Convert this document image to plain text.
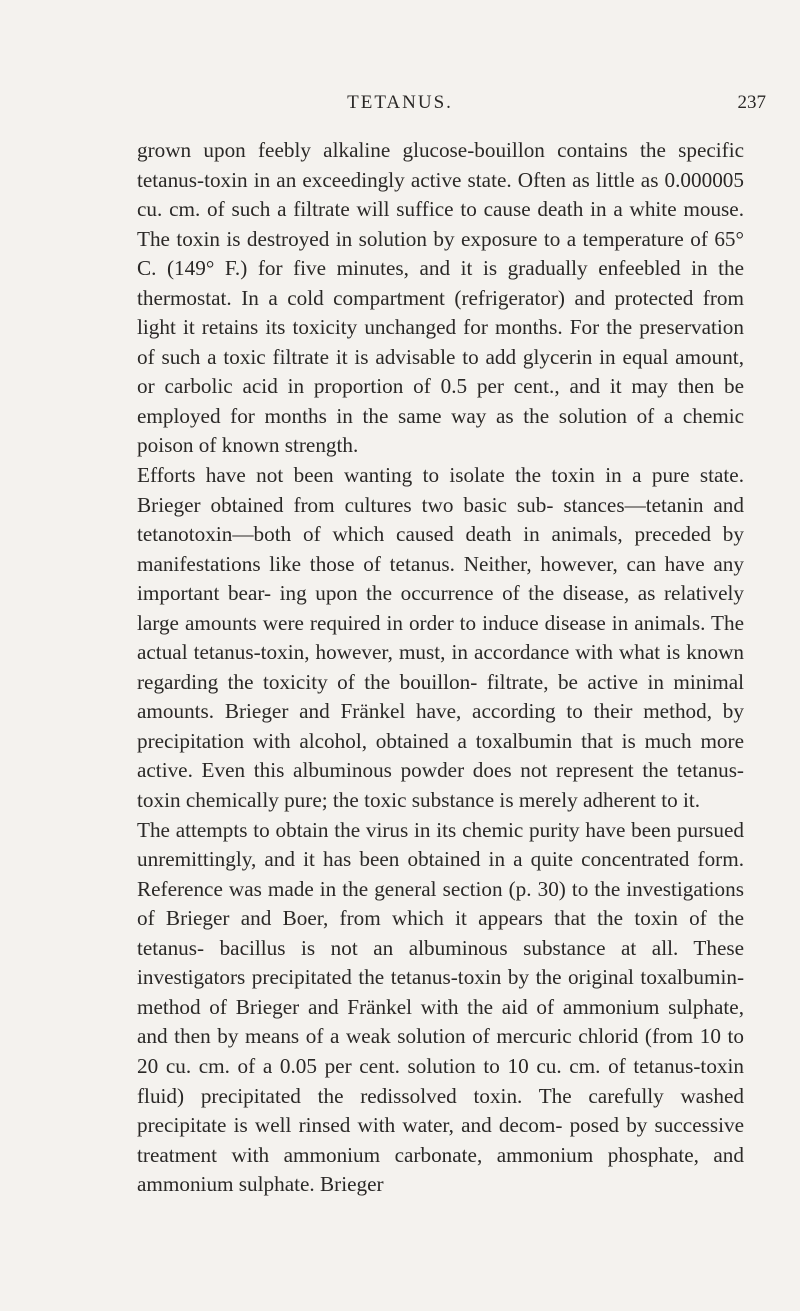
TETANUS.	237

grown upon feebly alkaline glucose-bouillon contains the specific tetanus-toxin in an exceedingly active state. Often as little as 0.000005 cu. cm. of such a filtrate will suffice to cause death in a white mouse. The toxin is destroyed in solution by exposure to a temperature of 65° C. (149° F.) for five minutes, and it is gradually enfeebled in the thermostat. In a cold compartment (refrigerator) and protected from light it retains its toxicity unchanged for months. For the preservation of such a toxic filtrate it is advisable to add glycerin in equal amount, or carbolic acid in proportion of 0.5 per cent., and it may then be employed for months in the same way as the solution of a chemic poison of known strength.

Efforts have not been wanting to isolate the toxin in a pure state. Brieger obtained from cultures two basic sub- stances—tetanin and tetanotoxin—both of which caused death in animals, preceded by manifestations like those of tetanus. Neither, however, can have any important bear- ing upon the occurrence of the disease, as relatively large amounts were required in order to induce disease in animals. The actual tetanus-toxin, however, must, in accordance with what is known regarding the toxicity of the bouillon- filtrate, be active in minimal amounts. Brieger and Fränkel have, according to their method, by precipitation with alcohol, obtained a toxalbumin that is much more active. Even this albuminous powder does not represent the tetanus-toxin chemically pure; the toxic substance is merely adherent to it.

The attempts to obtain the virus in its chemic purity have been pursued unremittingly, and it has been obtained in a quite concentrated form. Reference was made in the general section (p. 30) to the investigations of Brieger and Boer, from which it appears that the toxin of the tetanus- bacillus is not an albuminous substance at all. These investigators precipitated the tetanus-toxin by the original toxalbumin-method of Brieger and Fränkel with the aid of ammonium sulphate, and then by means of a weak solution of mercuric chlorid (from 10 to 20 cu. cm. of a 0.05 per cent. solution to 10 cu. cm. of tetanus-toxin fluid) precipitated the redissolved toxin. The carefully washed precipitate is well rinsed with water, and decom- posed by successive treatment with ammonium carbonate, ammonium phosphate, and ammonium sulphate. Brieger
